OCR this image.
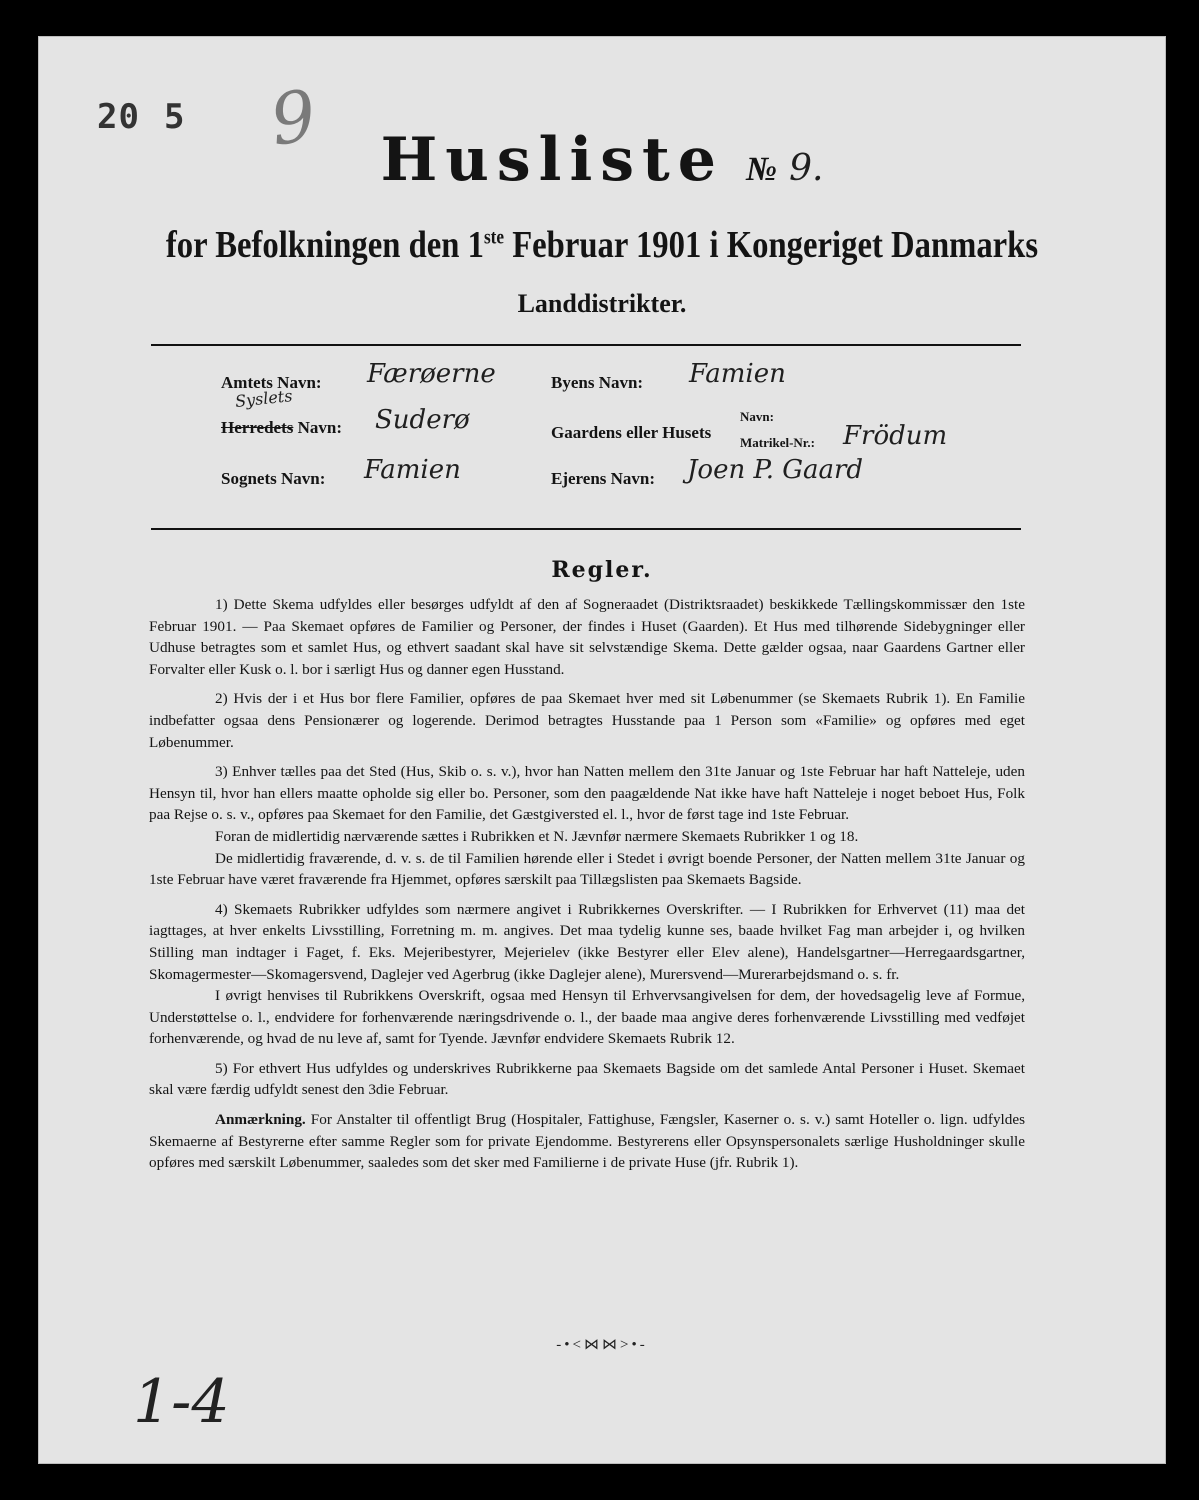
20 5 9 Husliste № 9.
for Befolkningen den 1ste Februar 1901 i Kongeriget Danmarks
Landdistrikter.
Amtets Navn: Færøerne
Syslets
Herredets Navn: Suderø
Sognets Navn: Famien
Byens Navn: Famien
Gaardens eller Husets
Navn:
Matrikel-Nr.: Frödum
Ejerens Navn: Joen P. Gaard
Regler.

1) Dette Skema udfyldes eller besørges udfyldt af den af Sogneraadet (Distriktsraadet) beskikkede Tællingskommissær den 1ste Februar 1901. — Paa Skemaet opføres de Familier og Personer, der findes i Huset (Gaarden). Et Hus med tilhørende Sidebygninger eller Udhuse betragtes som et samlet Hus, og ethvert saadant skal have sit selvstændige Skema. Dette gælder ogsaa, naar Gaardens Gartner eller Forvalter eller Kusk o. l. bor i særligt Hus og danner egen Husstand.

2) Hvis der i et Hus bor flere Familier, opføres de paa Skemaet hver med sit Løbenummer (se Skemaets Rubrik 1). En Familie indbefatter ogsaa dens Pensionærer og logerende. Derimod betragtes Husstande paa 1 Person som «Familie» og opføres med eget Løbenummer.

3) Enhver tælles paa det Sted (Hus, Skib o. s. v.), hvor han Natten mellem den 31te Januar og 1ste Februar har haft Natteleje, uden Hensyn til, hvor han ellers maatte opholde sig eller bo. Personer, som den paagældende Nat ikke have haft Natteleje i noget beboet Hus, Folk paa Rejse o. s. v., opføres paa Skemaet for den Familie, det Gæstgiversted el. l., hvor de først tage ind 1ste Februar.

Foran de midlertidig nærværende sættes i Rubrikken et N. Jævnfør nærmere Skemaets Rubrikker 1 og 18.

De midlertidig fraværende, d. v. s. de til Familien hørende eller i Stedet i øvrigt boende Personer, der Natten mellem 31te Januar og 1ste Februar have været fraværende fra Hjemmet, opføres særskilt paa Tillægslisten paa Skemaets Bagside.

4) Skemaets Rubrikker udfyldes som nærmere angivet i Rubrikkernes Overskrifter. — I Rubrikken for Erhvervet (11) maa det iagttages, at hver enkelts Livsstilling, Forretning m. m. angives. Det maa tydelig kunne ses, baade hvilket Fag man arbejder i, og hvilken Stilling man indtager i Faget, f. Eks. Mejeribestyrer, Mejerielev (ikke Bestyrer eller Elev alene), Handelsgartner—Herregaardsgartner, Skomagermester—Skomagersvend, Daglejer ved Agerbrug (ikke Daglejer alene), Murersvend—Murerarbejdsmand o. s. fr.

I øvrigt henvises til Rubrikkens Overskrift, ogsaa med Hensyn til Erhvervsangivelsen for dem, der hovedsagelig leve af Formue, Understøttelse o. l., endvidere for forhenværende næringsdrivende o. l., der baade maa angive deres forhenværende Livsstilling med vedføjet forhenværende, og hvad de nu leve af, samt for Tyende. Jævnfør endvidere Skemaets Rubrik 12.

5) For ethvert Hus udfyldes og underskrives Rubrikkerne paa Skemaets Bagside om det samlede Antal Personer i Huset. Skemaet skal være færdig udfyldt senest den 3die Februar.

Anmærkning. For Anstalter til offentligt Brug (Hospitaler, Fattighuse, Fængsler, Kaserner o. s. v.) samt Hoteller o. lign. udfyldes Skemaerne af Bestyrerne efter samme Regler som for private Ejendomme. Bestyrerens eller Opsynspersonalets særlige Husholdninger skulle opføres med særskilt Løbenummer, saaledes som det sker med Familierne i de private Huse (jfr. Rubrik 1).

-•<⋈⋈>•-
1-4
